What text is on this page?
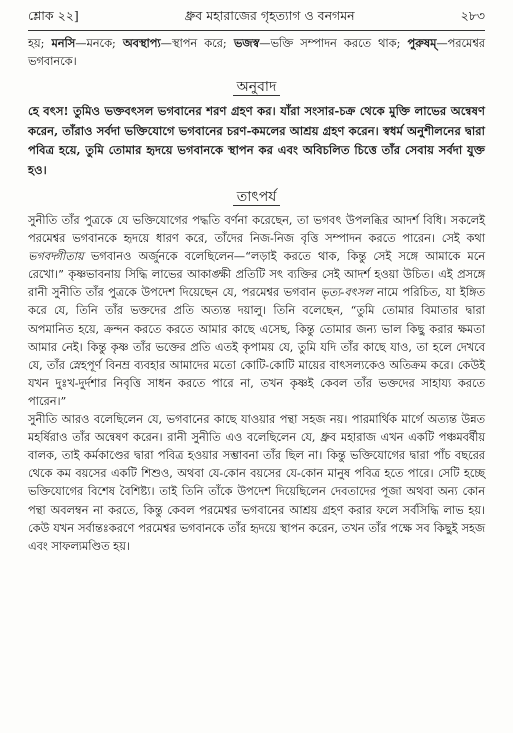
শ্লোক ২২]	ধ্রুব মহারাজের গৃহত্যাগ ও বনগমন	২৮৩

হয়; মনসি—মনকে; অবস্থাপ্য—স্থাপন করে; ভজস্ব—ভক্তি সম্পাদন করতে থাক; পুরুষম্—পরমেশ্বর ভগবানকে।

অনুবাদ

হে বৎস! তুমিও ভক্তবৎসল ভগবানের শরণ গ্রহণ কর। যাঁরা সংসার-চক্র থেকে মুক্তি লাভের অন্বেষণ করেন, তাঁরাও সর্বদা ভক্তিযোগে ভগবানের চরণ-কমলের আশ্রয় গ্রহণ করেন। স্বধর্ম অনুশীলনের দ্বারা পবিত্র হয়ে, তুমি তোমার হৃদয়ে ভগবানকে স্থাপন কর এবং অবিচলিত চিত্তে তাঁর সেবায় সর্বদা যুক্ত হও।

তাৎপর্য

সুনীতি তাঁর পুত্রকে যে ভক্তিযোগের পদ্ধতি বর্ণনা করেছেন, তা ভগবৎ উপলব্ধির আদর্শ বিধি। সকলেই পরমেশ্বর ভগবানকে হৃদয়ে ধারণ করে, তাঁদের নিজ-নিজ বৃত্তি সম্পাদন করতে পারেন। সেই কথা ভগবদ্গীতায় ভগবানও অর্জুনকে বলেছিলেন—“লড়াই করতে থাক, কিন্তু সেই সঙ্গে আমাকে মনে রেখো।” কৃষ্ণভাবনায় সিদ্ধি লাভের আকাঙ্ক্ষী প্রতিটি সৎ ব্যক্তির সেই আদর্শ হওয়া উচিত। এই প্রসঙ্গে রানী সুনীতি তাঁর পুত্রকে উপদেশ দিয়েছেন যে, পরমেশ্বর ভগবান ভৃত্য-বৎসল নামে পরিচিত, যা ইঙ্গিত করে যে, তিনি তাঁর ভক্তদের প্রতি অত্যন্ত দয়ালু। তিনি বলেছেন, “তুমি তোমার বিমাতার দ্বারা অপমানিত হয়ে, ক্রন্দন করতে করতে আমার কাছে এসেছ, কিন্তু তোমার জন্য ভাল কিছু করার ক্ষমতা আমার নেই। কিন্তু কৃষ্ণ তাঁর ভক্তের প্রতি এতই কৃপাময় যে, তুমি যদি তাঁর কাছে যাও, তা হলে দেখবে যে, তাঁর স্নেহপূর্ণ বিনম্র ব্যবহার আমাদের মতো কোটি-কোটি মায়ের বাৎসল্যকেও অতিক্রম করে। কেউই যখন দুঃখ-দুর্দশার নিবৃত্তি সাধন করতে পারে না, তখন কৃষ্ণই কেবল তাঁর ভক্তদের সাহায্য করতে পারেন।”

সুনীতি আরও বলেছিলেন যে, ভগবানের কাছে যাওয়ার পন্থা সহজ নয়। পারমার্থিক মার্গে অত্যন্ত উন্নত মহর্ষিরাও তাঁর অন্বেষণ করেন। রানী সুনীতি এও বলেছিলেন যে, ধ্রুব মহারাজ এখন একটি পঞ্চমবর্ষীয় বালক, তাই কর্মকাণ্ডের দ্বারা পবিত্র হওয়ার সম্ভাবনা তাঁর ছিল না। কিন্তু ভক্তিযোগের দ্বারা পাঁচ বছরের থেকে কম বয়সের একটি শিশুও, অথবা যে-কোন বয়সের যে-কোন মানুষ পবিত্র হতে পারে। সেটি হচ্ছে ভক্তিযোগের বিশেষ বৈশিষ্ট্য। তাই তিনি তাঁকে উপদেশ দিয়েছিলেন দেবতাদের পূজা অথবা অন্য কোন পন্থা অবলম্বন না করতে, কিন্তু কেবল পরমেশ্বর ভগবানের আশ্রয় গ্রহণ করার ফলে সর্বসিদ্ধি লাভ হয়। কেউ যখন সর্বান্তঃকরণে পরমেশ্বর ভগবানকে তাঁর হৃদয়ে স্থাপন করেন, তখন তাঁর পক্ষে সব কিছুই সহজ এবং সাফল্যমণ্ডিত হয়।
